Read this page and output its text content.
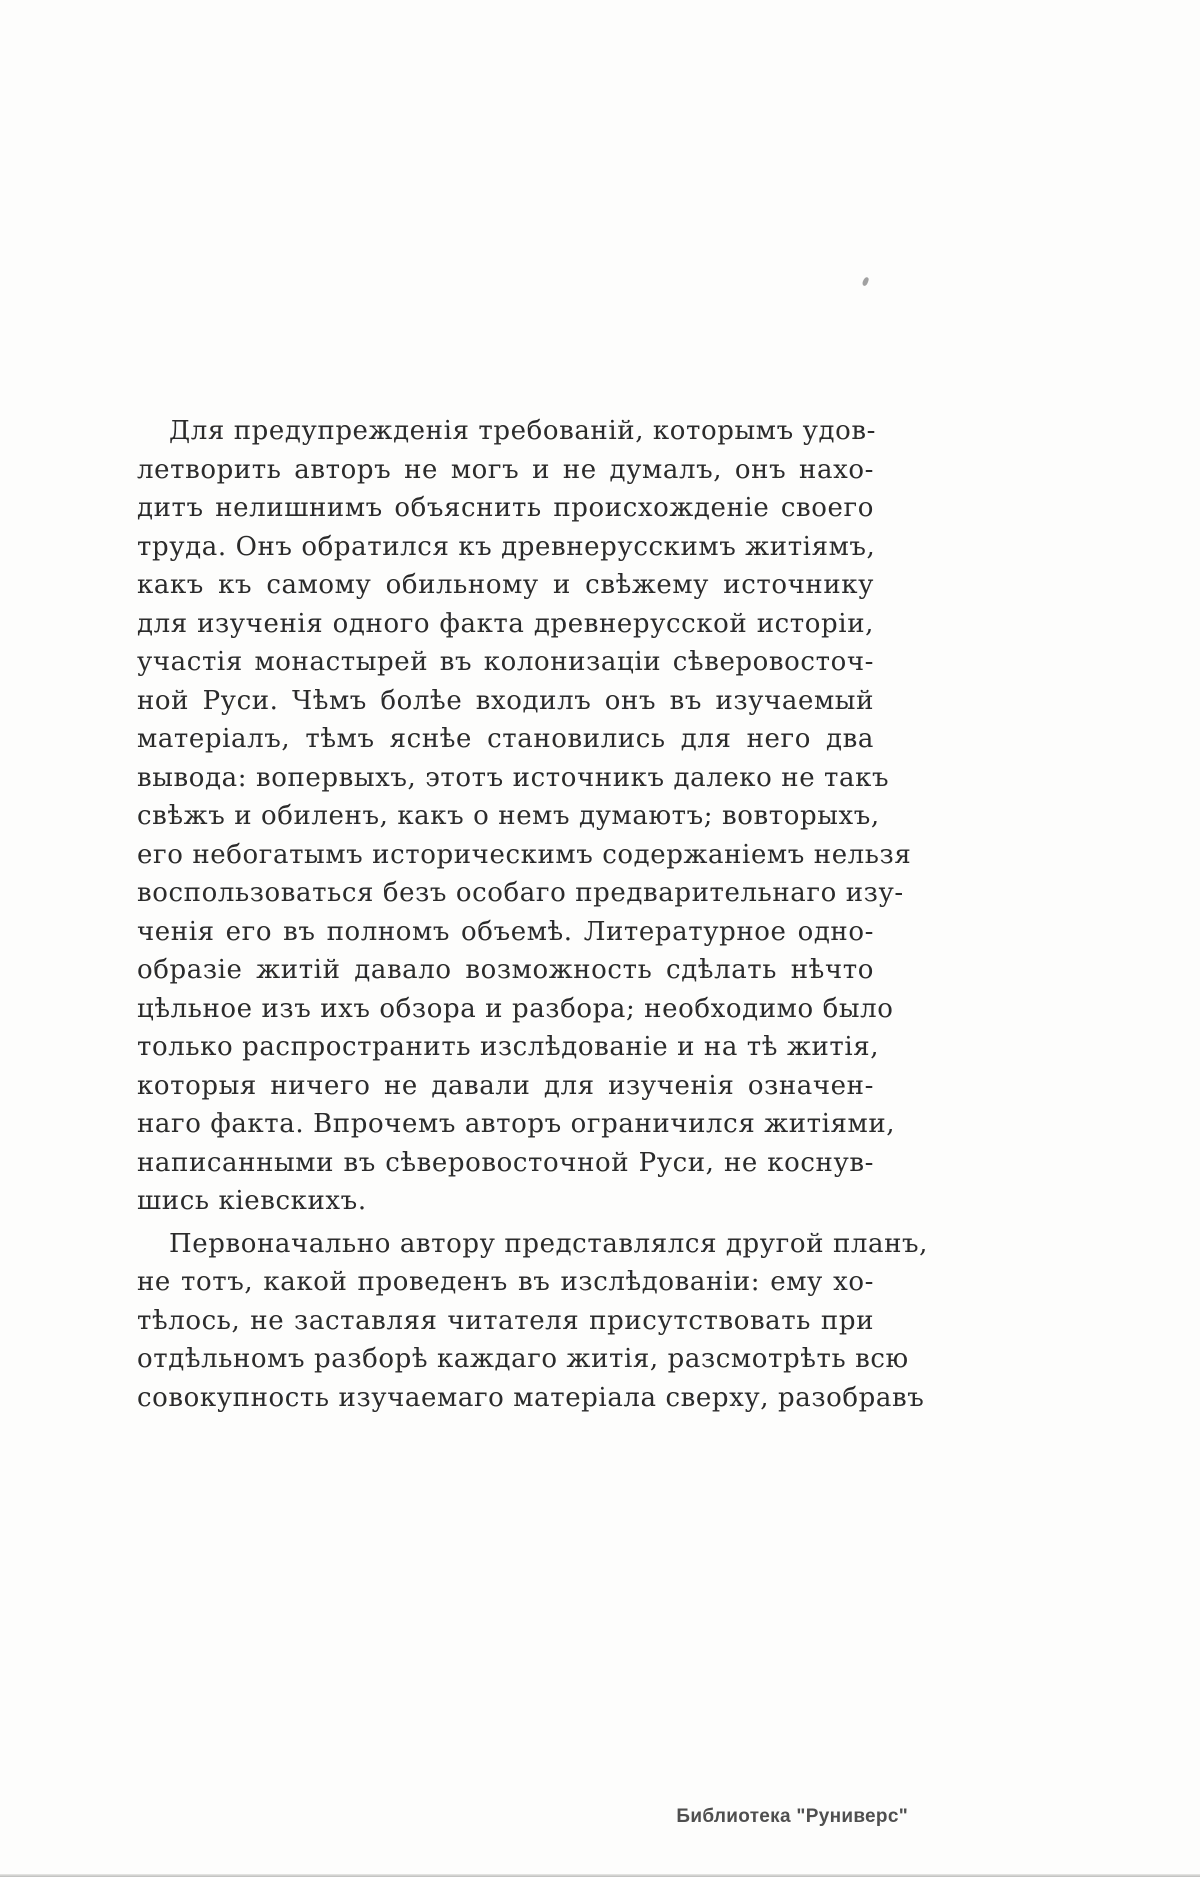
Для предупрежденія требованій, которымъ удов-
летворить авторъ не могъ и не думалъ, онъ нахо-
дитъ нелишнимъ объяснить происхожденіе своего
труда. Онъ обратился къ древнерусскимъ житіямъ,
какъ къ самому обильному и свѣжему источнику
для изученія одного факта древнерусской исторіи,
участія монастырей въ колонизаціи сѣверовосточ-
ной Руси. Чѣмъ болѣе входилъ онъ въ изучаемый
матеріалъ, тѣмъ яснѣе становились для него два
вывода: вопервыхъ, этотъ источникъ далеко не такъ
свѣжъ и обиленъ, какъ о немъ думаютъ; вовторыхъ,
его небогатымъ историческимъ содержаніемъ нельзя
воспользоваться безъ особаго предварительнаго изу-
ченія его въ полномъ объемѣ. Литературное одно-
образіе житій давало возможность сдѣлать нѣчто
цѣльное изъ ихъ обзора и разбора; необходимо было
только распространить изслѣдованіе и на тѣ житія,
которыя ничего не давали для изученія означен-
наго факта. Впрочемъ авторъ ограничился житіями,
написанными въ сѣверовосточной Руси, не коснув-
шись кіевскихъ.
Первоначально автору представлялся другой планъ,
не тотъ, какой проведенъ въ изслѣдованіи: ему хо-
тѣлось, не заставляя читателя присутствовать при
отдѣльномъ разборѣ каждаго житія, разсмотрѣть всю
совокупность изучаемаго матеріала сверху, разобравъ
Библиотека "Руниверс"
